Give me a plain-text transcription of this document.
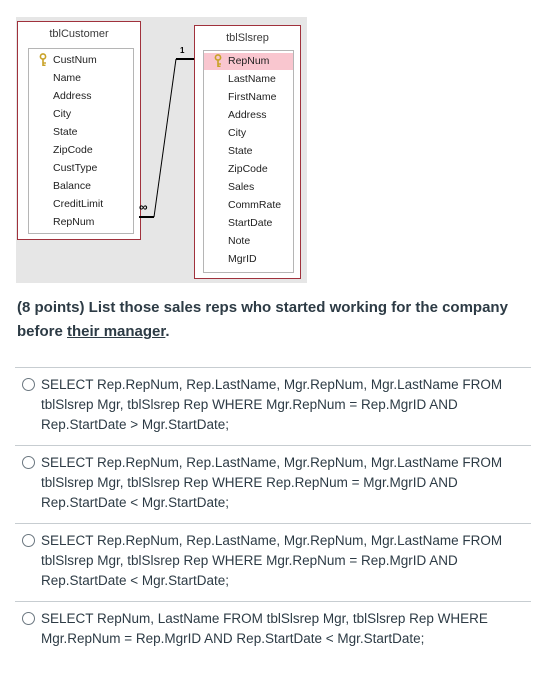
tblCustomer
CustNum
Name
Address
City
State
ZipCode
CustType
Balance
CreditLimit
RepNum
tblSlsrep
RepNum
LastName
FirstName
Address
City
State
ZipCode
Sales
CommRate
StartDate
Note
MgrID
1
∞
(8 points) List those sales reps who started working for the company before their manager.
SELECT Rep.RepNum, Rep.LastName, Mgr.RepNum, Mgr.LastName FROM tblSlsrep Mgr, tblSlsrep Rep WHERE Mgr.RepNum = Rep.MgrID AND Rep.StartDate > Mgr.StartDate;
SELECT Rep.RepNum, Rep.LastName, Mgr.RepNum, Mgr.LastName FROM tblSlsrep Mgr, tblSlsrep Rep WHERE Rep.RepNum = Mgr.MgrID AND Rep.StartDate < Mgr.StartDate;
SELECT Rep.RepNum, Rep.LastName, Mgr.RepNum, Mgr.LastName FROM tblSlsrep Mgr, tblSlsrep Rep WHERE Mgr.RepNum = Rep.MgrID AND Rep.StartDate < Mgr.StartDate;
SELECT RepNum, LastName FROM tblSlsrep Mgr, tblSlsrep Rep WHERE Mgr.RepNum = Rep.MgrID AND Rep.StartDate < Mgr.StartDate;
